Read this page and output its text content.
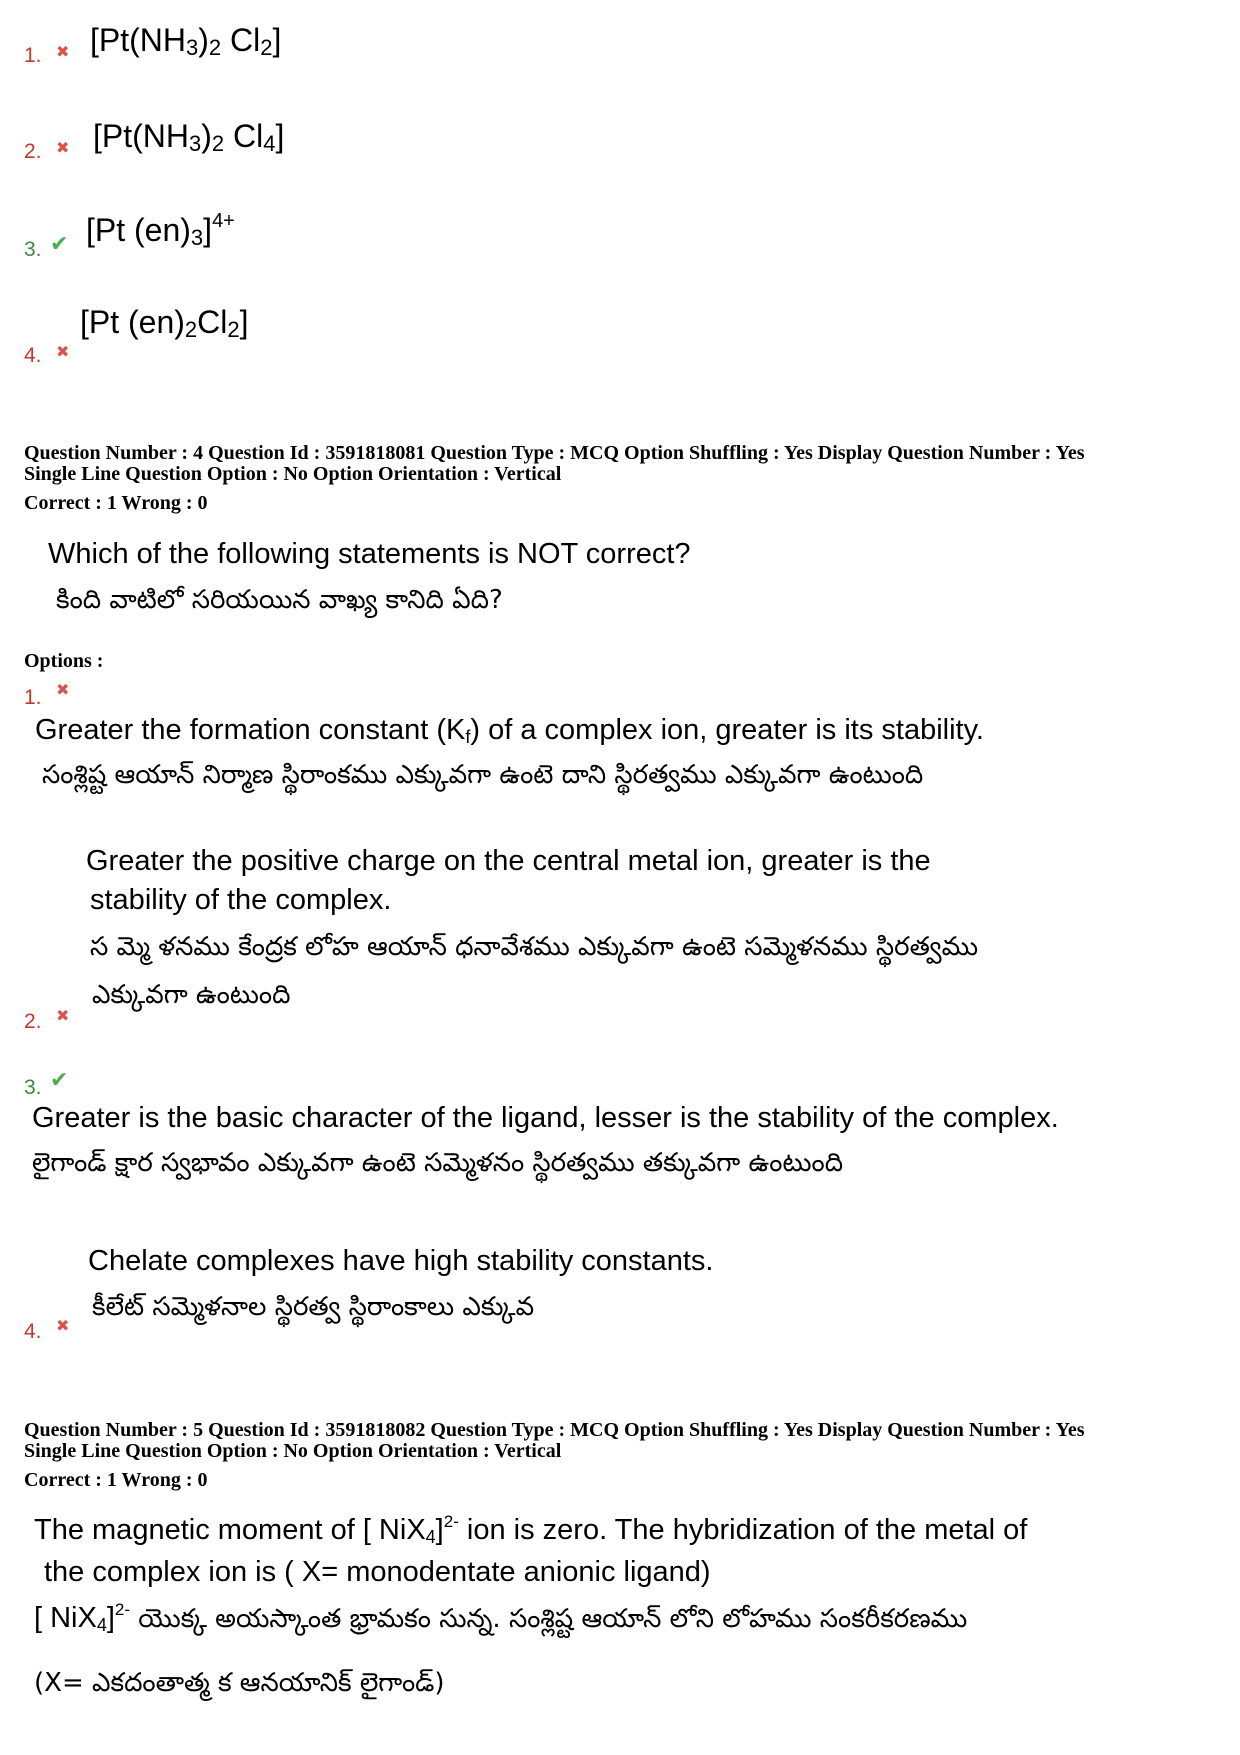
1. ✖ [$Pt(NH_3)_2$ $Cl_2$]
2. ✖ [$Pt(NH_3)_2$ $Cl_4$]
3. ✔ [Pt $(en)_3]^{4+}$
4. ✖
[Pt $(en)_2Cl_2$]
Question Number : 4 Question Id : 3591818081 Question Type : MCQ Option Shuffling : Yes Display Question Number : Yes
Single Line Question Option : No Option Orientation : Vertical
Correct : 1 Wrong : 0
Which of the following statements is NOT correct?
కింది వాటిలో సరియయిన వాఖ్య కానిది ఏది?
Options :
1. ✖
Greater the formation constant $(K_f)$ of a complex ion, greater is its stability.
సంశ్లిష్ట ఆయాన్ నిర్మాణ స్థిరాంకము ఎక్కువగా ఉంటె దాని స్థిరత్వము ఎక్కువగా ఉంటుంది
Greater the positive charge on the central metal ion, greater is the
stability of the complex.
స మ్మె ళనము కేంద్రక లోహ ఆయాన్ ధనావేశము ఎక్కువగా ఉంటె సమ్మెళనము స్థిరత్వము
ఎక్కువగా ఉంటుంది
2. ✖
3. ✔
Greater is the basic character of the ligand, lesser is the stability of the complex.
లైగాండ్ క్షార స్వభావం ఎక్కువగా ఉంటె సమ్మెళనం స్థిరత్వము తక్కువగా ఉంటుంది
Chelate complexes have high stability constants.
కీలేట్ సమ్మెళనాల స్థిరత్వ స్థిరాంకాలు ఎక్కువ
4. ✖
Question Number : 5 Question Id : 3591818082 Question Type : MCQ Option Shuffling : Yes Display Question Number : Yes
Single Line Question Option : No Option Orientation : Vertical
Correct : 1 Wrong : 0
The magnetic moment of [ NiX$_4$]$^{2-}$ ion is zero. The hybridization of the metal of
the complex ion is ( X= monodentate anionic ligand)
[ NiX$_4$]$^{2-}$ యొక్క అయస్కాంత భ్రామకం సున్న. సంశ్లిష్ట ఆయాన్ లోని లోహము సంకరీకరణము
(X= ఎకదంతాత్మ క ఆనయానిక్ లైగాండ్)
